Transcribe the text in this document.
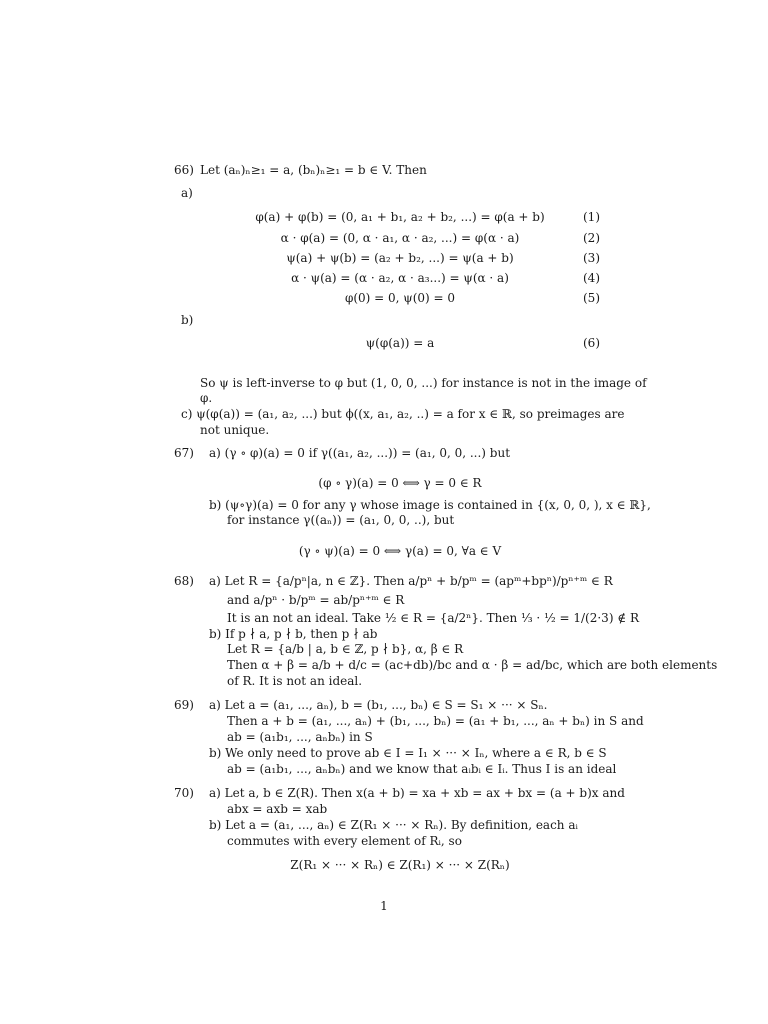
66) Let (aₙ)ₙ≥₁ = a, (bₙ)ₙ≥₁ = b ∈ V. Then
a)
φ(a) + φ(b) = (0, a₁ + b₁, a₂ + b₂, ...) = φ(a + b)	(1)
α · φ(a) = (0, α · a₁, α · a₂, ...) = φ(α · a)	(2)
ψ(a) + ψ(b) = (a₂ + b₂, ...) = ψ(a + b)	(3)
α · ψ(a) = (α · a₂, α · a₃...) = ψ(α · a)	(4)
φ(0) = 0, ψ(0) = 0	(5)
b)
ψ(φ(a)) = a	(6)
So ψ is left-inverse to φ but (1, 0, 0, ...) for instance is not in the image of
φ.
c) ψ(φ(a)) = (a₁, a₂, ...) but ϕ((x, a₁, a₂, ..) = a for x ∈ ℝ, so preimages are
not unique.
67) a) (γ ∘ φ)(a) = 0 if γ((a₁, a₂, ...)) = (a₁, 0, 0, ...) but
(φ ∘ γ)(a) = 0 ⟺ γ = 0 ∈ R
b) (ψ∘γ)(a) = 0 for any γ whose image is contained in {(x, 0, 0, ), x ∈ ℝ},
for instance γ((aₙ)) = (a₁, 0, 0, ..), but
(γ ∘ ψ)(a) = 0 ⟺ γ(a) = 0, ∀a ∈ V
68) a) Let R = {a/pⁿ|a, n ∈ ℤ}. Then a/pⁿ + b/pᵐ = (apᵐ+bpⁿ)/pⁿ⁺ᵐ ∈ R
and a/pⁿ · b/pᵐ = ab/pⁿ⁺ᵐ ∈ R
It is an not an ideal. Take ½ ∈ R = {a/2ⁿ}. Then ⅓ · ½ = 1/(2·3) ∉ R
b) If p ∤ a, p ∤ b, then p ∤ ab
Let R = {a/b | a, b ∈ ℤ, p ∤ b}, α, β ∈ R
Then α + β = a/b + d/c = (ac+db)/bc and α · β = ad/bc, which are both elements
of R. It is not an ideal.
69) a) Let a = (a₁, ..., aₙ), b = (b₁, ..., bₙ) ∈ S = S₁ × ··· × Sₙ.
Then a + b = (a₁, ..., aₙ) + (b₁, ..., bₙ) = (a₁ + b₁, ..., aₙ + bₙ) in S and
ab = (a₁b₁, ..., aₙbₙ) in S
b) We only need to prove ab ∈ I = I₁ × ··· × Iₙ, where a ∈ R, b ∈ S
ab = (a₁b₁, ..., aₙbₙ) and we know that aᵢbᵢ ∈ Iᵢ. Thus I is an ideal
70) a) Let a, b ∈ Z(R). Then x(a + b) = xa + xb = ax + bx = (a + b)x and
abx = axb = xab
b) Let a = (a₁, ..., aₙ) ∈ Z(R₁ × ··· × Rₙ). By definition, each aᵢ
commutes with every element of Rᵢ, so
Z(R₁ × ··· × Rₙ) ∈ Z(R₁) × ··· × Z(Rₙ)
1
